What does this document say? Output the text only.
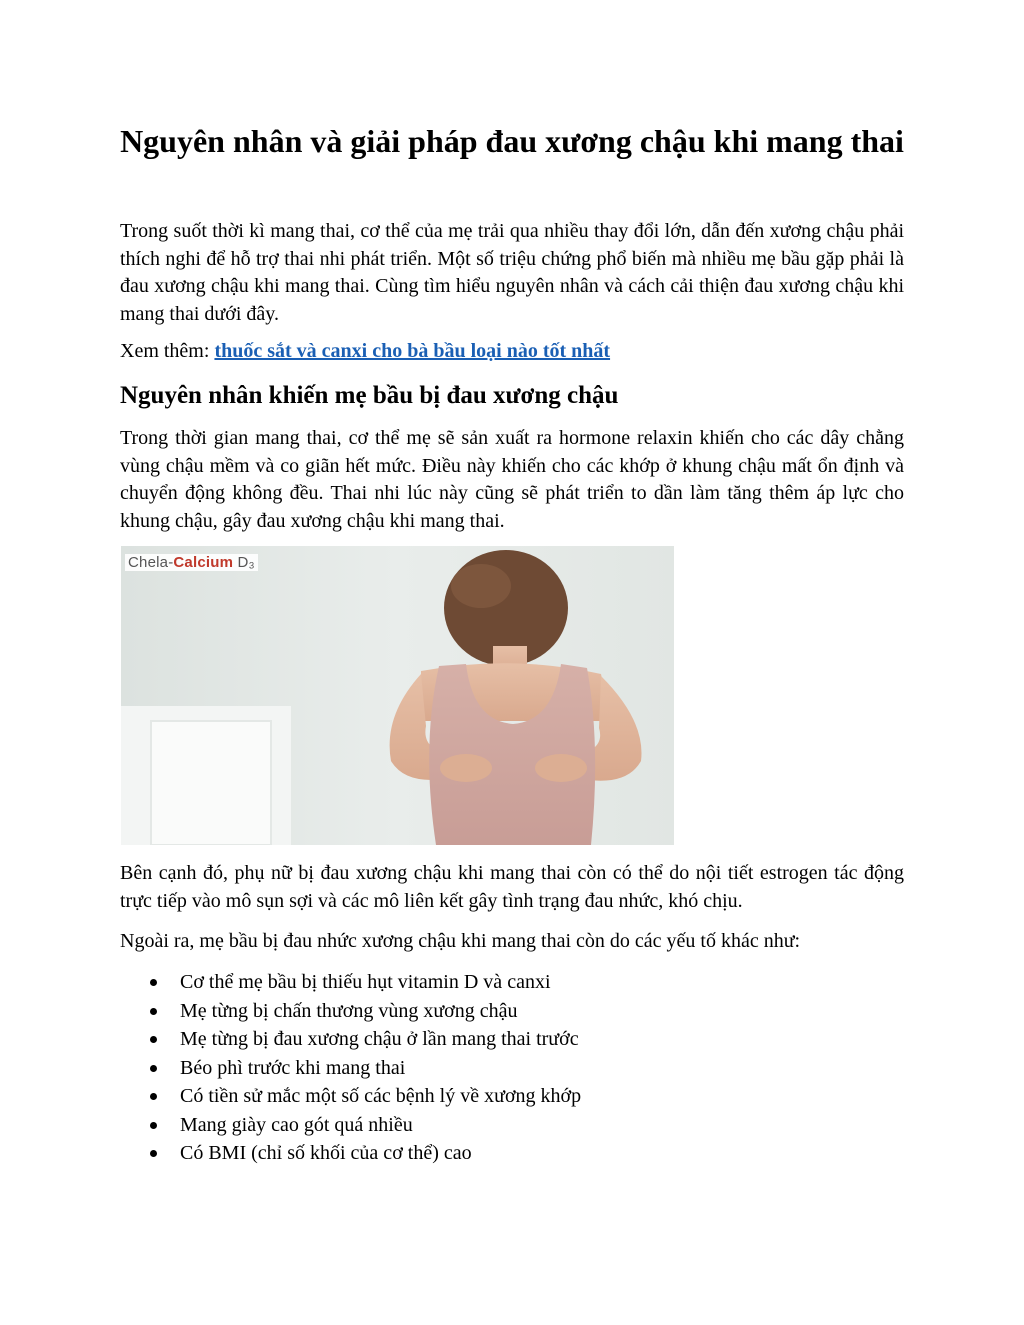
Nguyên nhân và giải pháp đau xương chậu khi mang thai

Trong suốt thời kì mang thai, cơ thể của mẹ trải qua nhiều thay đổi lớn, dẫn đến xương chậu phải thích nghi để hỗ trợ thai nhi phát triển. Một số triệu chứng phổ biến mà nhiều mẹ bầu gặp phải là đau xương chậu khi mang thai. Cùng tìm hiểu nguyên nhân và cách cải thiện đau xương chậu khi mang thai dưới đây.

Xem thêm: thuốc sắt và canxi cho bà bầu loại nào tốt nhất

Nguyên nhân khiến mẹ bầu bị đau xương chậu

Trong thời gian mang thai, cơ thể mẹ sẽ sản xuất ra hormone relaxin khiến cho các dây chằng vùng chậu mềm và co giãn hết mức. Điều này khiến cho các khớp ở khung chậu mất ổn định và chuyển động không đều. Thai nhi lúc này cũng sẽ phát triển to dần làm tăng thêm áp lực cho khung chậu, gây đau xương chậu khi mang thai.

Chela-Calcium D₃

Bên cạnh đó, phụ nữ bị đau xương chậu khi mang thai còn có thể do nội tiết estrogen tác động trực tiếp vào mô sụn sợi và các mô liên kết gây tình trạng đau nhức, khó chịu.

Ngoài ra, mẹ bầu bị đau nhức xương chậu khi mang thai còn do các yếu tố khác như:

Cơ thể mẹ bầu bị thiếu hụt vitamin D và canxi
Mẹ từng bị chấn thương vùng xương chậu
Mẹ từng bị đau xương chậu ở lần mang thai trước
Béo phì trước khi mang thai
Có tiền sử mắc một số các bệnh lý về xương khớp
Mang giày cao gót quá nhiều
Có BMI (chỉ số khối của cơ thể) cao
